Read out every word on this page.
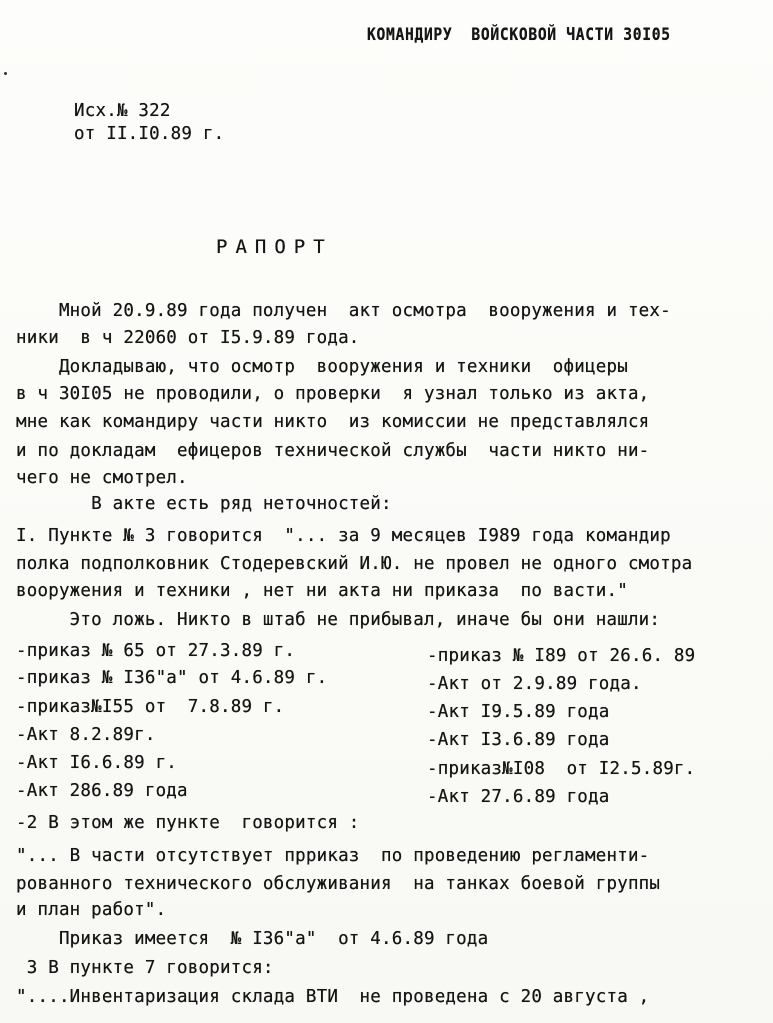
КОМАНДИРУ  ВОЙСКОВОЙ ЧАСТИ 30I05
Исх.№ 322
от II.I0.89 г.
РАПОРТ
Мной 20.9.89 года получен  акт осмотра  вооружения и тех-
ники  в ч 22060 от I5.9.89 года.
Докладываю, что осмотр  вооружения и техники  офицеры
в ч 30I05 не проводили, о проверки  я узнал только из акта,
мне как командиру части никто  из комиссии не представлялся
и по докладам  ефицеров технической службы  части никто ни-
чего не смотрел.
В акте есть ряд неточностей:
I. Пункте № 3 говорится  "... за 9 месяцев I989 года командир
полка подполковник Стодеревский И.Ю. не провел не одного смотра
вооружения и техники , нет ни акта ни приказа  по васти."
Это ложь. Никто в штаб не прибывал, иначе бы они нашли:
-приказ № 65 от 27.3.89 г.
-приказ № I36"а" от 4.6.89 г.
-приказ№I55 от  7.8.89 г.
-Акт 8.2.89г.
-Акт I6.6.89 г.
-Акт 286.89 года
-приказ № I89 от 26.6. 89
-Акт от 2.9.89 года.
-Акт I9.5.89 года
-Акт I3.6.89 года
-приказ№I08  от I2.5.89г.
-Акт 27.6.89 года
-2 В этом же пункте  говорится :
"... В части отсутствует прриказ  по проведению регламенти-
рованного технического обслуживания  на танках боевой группы
и план работ".
Приказ имеется  № I36"а"  от 4.6.89 года
3 В пункте 7 говорится:
"....Инвентаризация склада ВТИ  не проведена с 20 августа ,
